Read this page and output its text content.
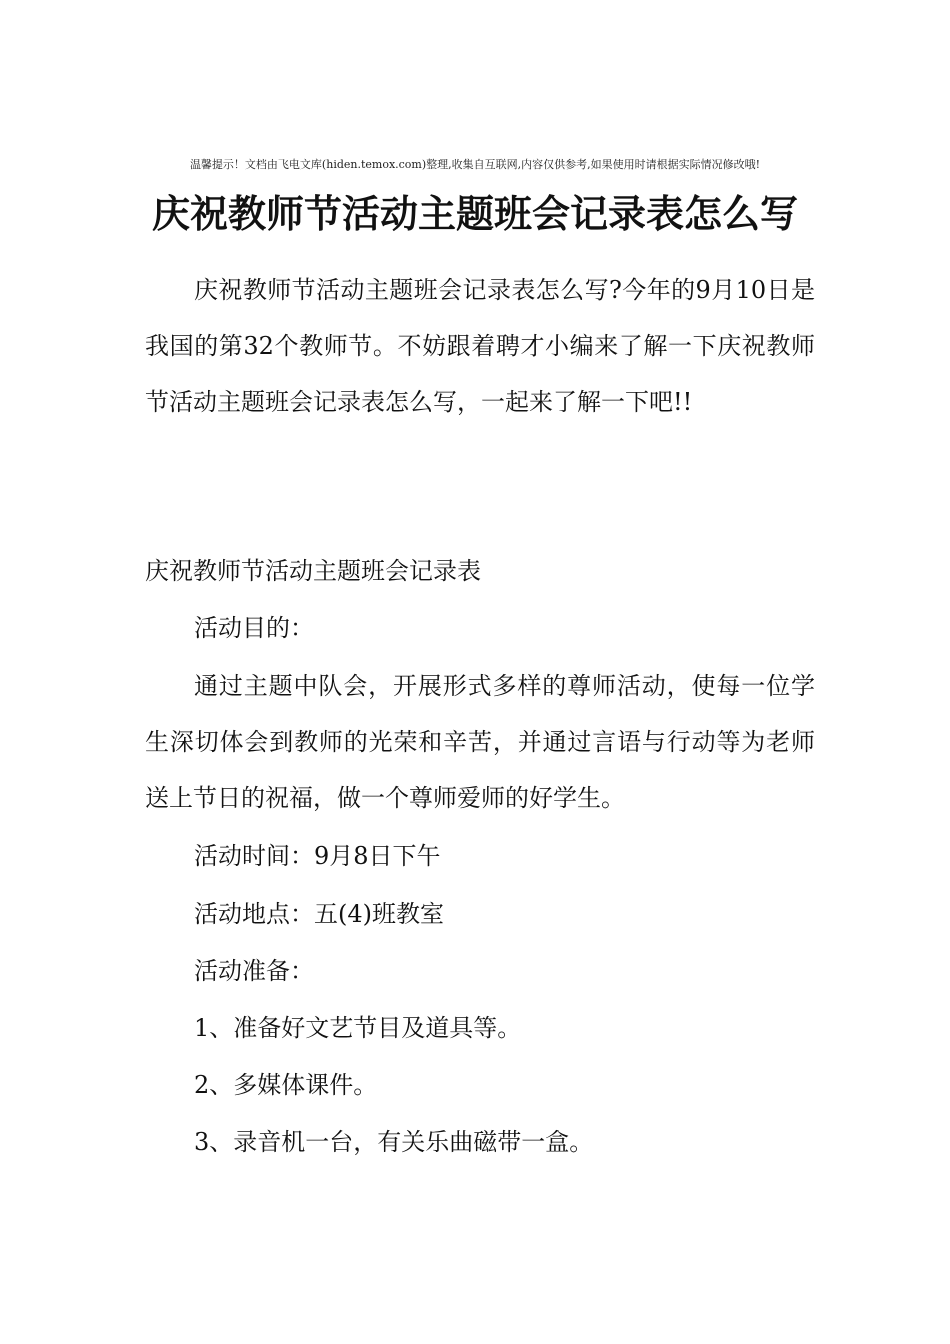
温馨提示！文档由飞电文库(hiden.temox.com)整理,收集自互联网,内容仅供参考,如果使用时请根据实际情况修改哦!
庆祝教师节活动主题班会记录表怎么写

庆祝教师节活动主题班会记录表怎么写?今年的9月10日是我国的第32个教师节。不妨跟着聘才小编来了解一下庆祝教师节活动主题班会记录表怎么写，一起来了解一下吧!!

庆祝教师节活动主题班会记录表

活动目的：

通过主题中队会，开展形式多样的尊师活动，使每一位学生深切体会到教师的光荣和辛苦，并通过言语与行动等为老师送上节日的祝福，做一个尊师爱师的好学生。

活动时间：9月8日下午

活动地点：五(4)班教室

活动准备：

1、准备好文艺节目及道具等。

2、多媒体课件。

3、录音机一台，有关乐曲磁带一盒。
